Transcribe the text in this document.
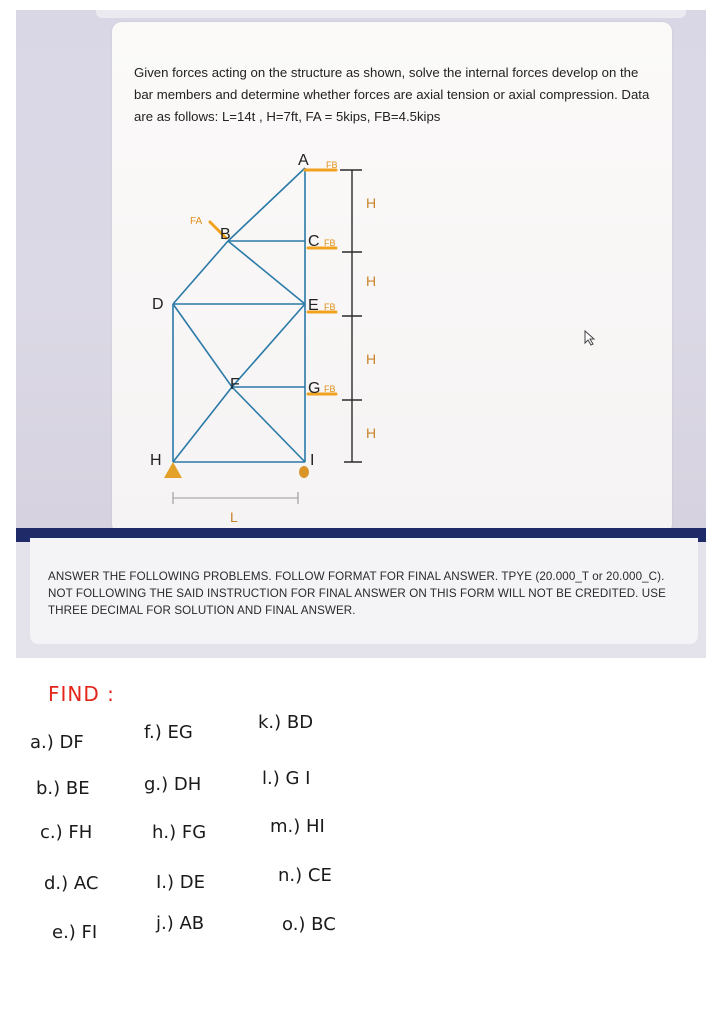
Given forces acting on the structure as shown, solve the internal forces develop on the bar members and determine whether forces are axial tension or axial compression. Data are as follows: L=14t , H=7ft, FA = 5kips, FB=4.5kips
A
B	C
D	E
F	G
H	I
FA
FB
FB
FB
FB
H
H
H
H
L
ANSWER THE FOLLOWING PROBLEMS. FOLLOW FORMAT FOR FINAL ANSWER. TPYE (20.000_T or 20.000_C). NOT FOLLOWING THE SAID INSTRUCTION FOR FINAL ANSWER ON THIS FORM WILL NOT BE CREDITED. USE THREE DECIMAL FOR SOLUTION AND FINAL ANSWER.
FIND :
a.) DF
b.) BE
c.) FH
d.) AC
e.) FI
f.) EG
g.) DH
h.) FG
I.) DE
j.) AB
k.) BD
l.) G I
m.) HI
n.) CE
o.) BC
